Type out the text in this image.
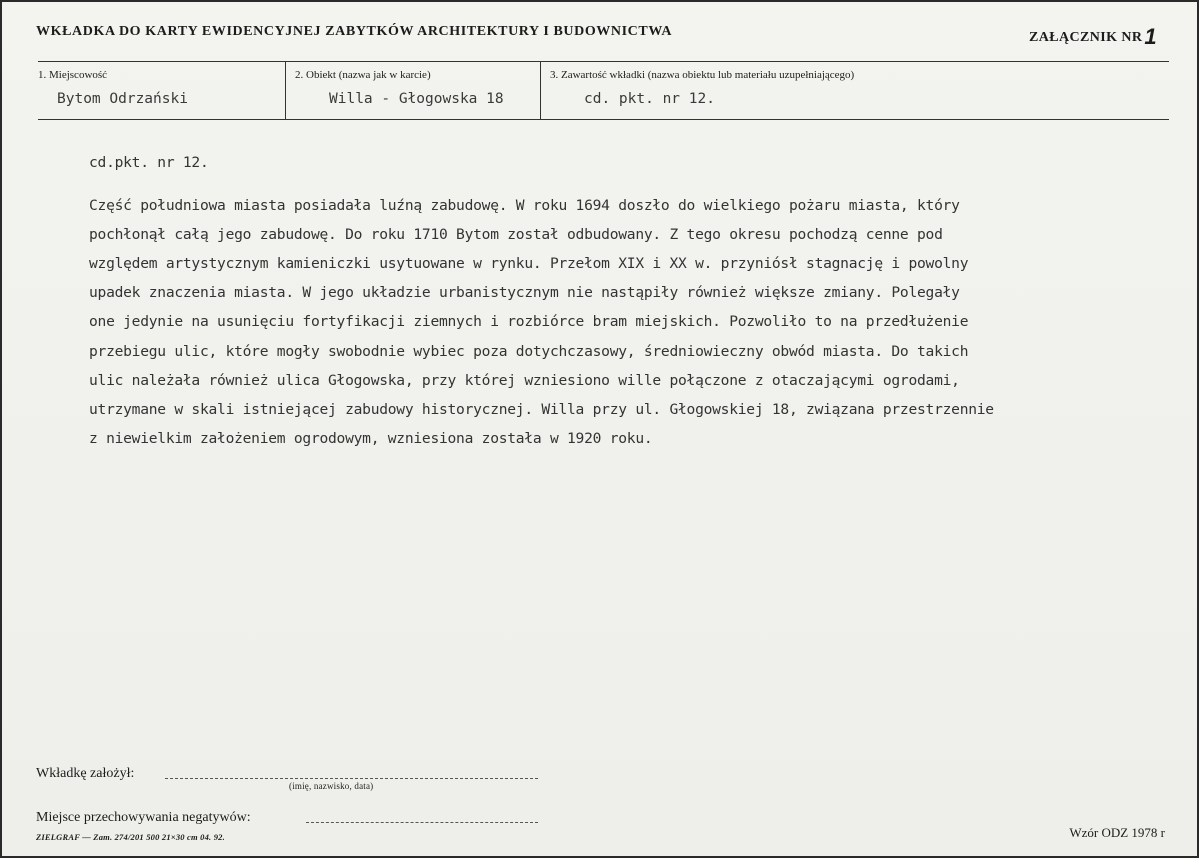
WKŁADKA DO KARTY EWIDENCYJNEJ ZABYTKÓW ARCHITEKTURY I BUDOWNICTWA	ZAŁĄCZNIK NR1
1. Miejscowość
Bytom Odrzański
2. Obiekt (nazwa jak w karcie)
Willa - Głogowska 18
3. Zawartość wkładki (nazwa obiektu lub materiału uzupełniającego)
cd. pkt. nr 12.
cd.pkt. nr 12.

Część południowa miasta posiadała luźną zabudowę. W roku 1694 doszło do wielkiego pożaru miasta, który

pochłonął całą jego zabudowę. Do roku 1710 Bytom został odbudowany. Z tego okresu pochodzą cenne pod

względem artystycznym kamieniczki usytuowane w rynku. Przełom XIX i XX w. przyniósł stagnację i powolny

upadek znaczenia miasta. W jego układzie urbanistycznym nie nastąpiły również większe zmiany. Polegały

one jedynie na usunięciu fortyfikacji ziemnych i rozbiórce bram miejskich. Pozwoliło to na przedłużenie

przebiegu ulic, które mogły swobodnie wybiec poza dotychczasowy, średniowieczny obwód miasta. Do takich

ulic należała również ulica Głogowska, przy której wzniesiono wille połączone z otaczającymi ogrodami,

utrzymane w skali istniejącej zabudowy historycznej. Willa przy ul. Głogowskiej 18, związana przestrzennie

z niewielkim założeniem ogrodowym, wzniesiona została w 1920 roku.

Wkładkę założył:
(imię, nazwisko, data)
Miejsce przechowywania negatywów:
ZIELGRAF — Zam. 274/201 500 21×30 cm 04. 92.	Wzór ODZ 1978 r
